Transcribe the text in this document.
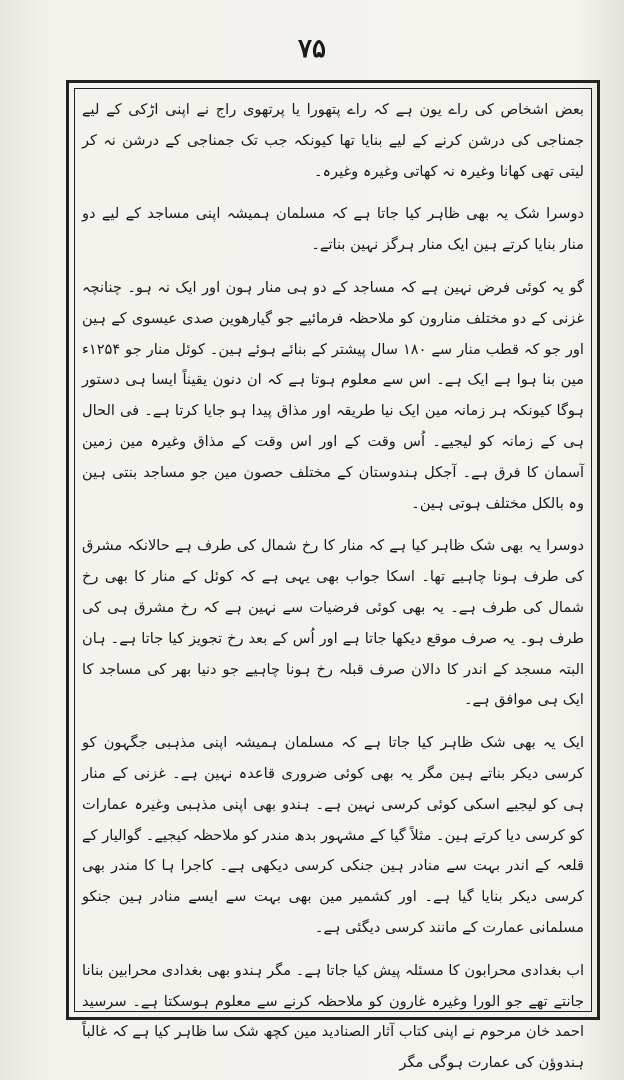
۷۵

بعض اشخاص کی راے یون ہے کہ راے پتھورا یا پرتھوی راج نے اپنی اڑکی کے لیے جمناجی کی درشن کرنے کے لیے بنایا تھا کیونکہ جب تک جمناجی کے درشن نہ کر لیتی تھی کھانا وغیرہ نہ کھاتی وغیرہ وغیرہ۔

دوسرا شک یہ بھی ظاہر کیا جاتا ہے کہ مسلمان ہمیشہ اپنی مساجد کے لیے دو منار بنایا کرتے ہین ایک منار ہرگز نہین بناتے۔

گو یہ کوئی فرض نہین ہے کہ مساجد کے دو ہی منار ہون اور ایک نہ ہو۔ چنانچہ غزنی کے دو مختلف منارون کو ملاحظہ فرمائیے جو گیارھوین صدی عیسوی کے ہین اور جو کہ قطب منار سے ۱۸۰ سال پیشتر کے بنائے ہوئے ہین۔ کوئل منار جو ۱۲۵۴ء مین بنا ہوا ہے ایک ہے۔ اس سے معلوم ہوتا ہے کہ ان دنون یقیناً ایسا ہی دستور ہوگا کیونکہ ہر زمانہ مین ایک نیا طریقہ اور مذاق پیدا ہو جایا کرتا ہے۔ فی الحال ہی کے زمانہ کو لیجیے۔ اُس وقت کے اور اس وقت کے مذاق وغیرہ مین زمین آسمان کا فرق ہے۔ آجکل ہندوستان کے مختلف حصون مین جو مساجد بنتی ہین وہ بالکل مختلف ہوتی ہین۔

دوسرا یہ بھی شک ظاہر کیا ہے کہ منار کا رخ شمال کی طرف ہے حالانکہ مشرق کی طرف ہونا چاہیے تھا۔ اسکا جواب بھی یہی ہے کہ کوئل کے منار کا بھی رخ شمال کی طرف ہے۔ یہ بھی کوئی فرضیات سے نہین ہے کہ رخ مشرق ہی کی طرف ہو۔ یہ صرف موقع دیکھا جاتا ہے اور اُس کے بعد رخ تجویز کیا جاتا ہے۔ ہان البتہ مسجد کے اندر کا دالان صرف قبلہ رخ ہونا چاہیے جو دنیا بھر کی مساجد کا ایک ہی موافق ہے۔

ایک یہ بھی شک ظاہر کیا جاتا ہے کہ مسلمان ہمیشہ اپنی مذہبی جگہون کو کرسی دیکر بناتے ہین مگر یہ بھی کوئی ضروری قاعدہ نہین ہے۔ غزنی کے منار ہی کو لیجیے اسکی کوئی کرسی نہین ہے۔ ہندو بھی اپنی مذہبی وغیرہ عمارات کو کرسی دیا کرتے ہین۔ مثلاً گیا کے مشہور بدھ مندر کو ملاحظہ کیجیے۔ گوالیار کے قلعہ کے اندر بہت سے منادر ہین جنکی کرسی دیکھی ہے۔ کاجرا ہا کا مندر بھی کرسی دیکر بنایا گیا ہے۔ اور کشمیر مین بھی بہت سے ایسے منادر ہین جنکو مسلمانی عمارت کے مانند کرسی دیگئی ہے۔

اب بغدادی محرابون کا مسئلہ پیش کیا جاتا ہے۔ مگر ہندو بھی بغدادی محرابین بنانا جانتے تھے جو الورا وغیرہ غارون کو ملاحظہ کرنے سے معلوم ہوسکتا ہے۔ سرسید احمد خان مرحوم نے اپنی کتاب آثار الصنادید مین کچھ شک سا ظاہر کیا ہے کہ غالباً ہندوؤن کی عمارت ہوگی مگر
